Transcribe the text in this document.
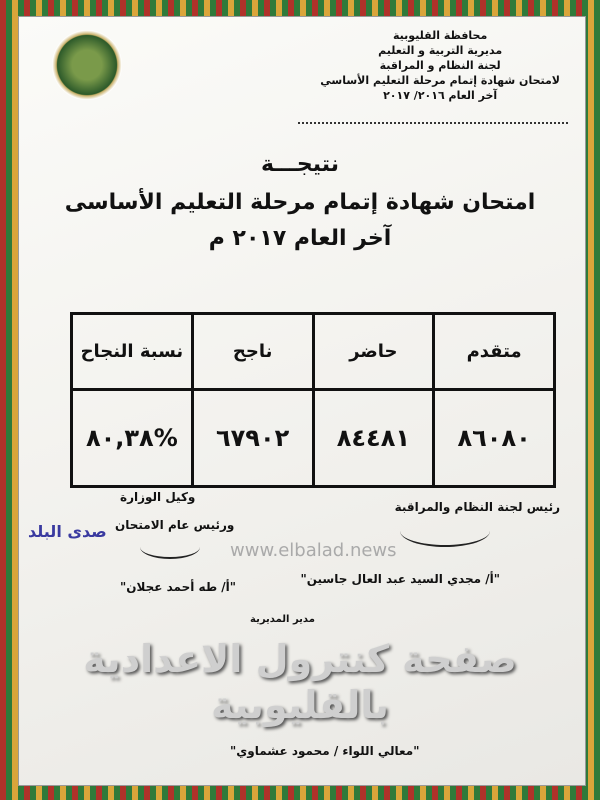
محافظة القليوبية
مديرية التربية و التعليم
لجنة النظام و المراقبة
لامتحان شهادة إتمام مرحلة التعليم الأساسي
آخر العام ٢٠١٦/ ٢٠١٧
نتيجـــة
امتحان شهادة إتمام مرحلة التعليم الأساسى
آخر العام ٢٠١٧ م
متقدم	حاضر	ناجح	نسبة النجاح
٨٦٠٨٠	٨٤٤٨١	٦٧٩٠٢	%٨٠,٣٨
رئيس لجنة النظام والمراقبة
"أ/ مجدي السيد عبد العال جاسين"
وكيل الوزارة
ورئيس عام الامتحان
"أ/ طه أحمد عجلان"
مدير المديرية
"معالي اللواء / محمود عشماوي"
www.elbalad.news
صدى البلد
صفحة كنترول الاعدادية بالقليوبية
